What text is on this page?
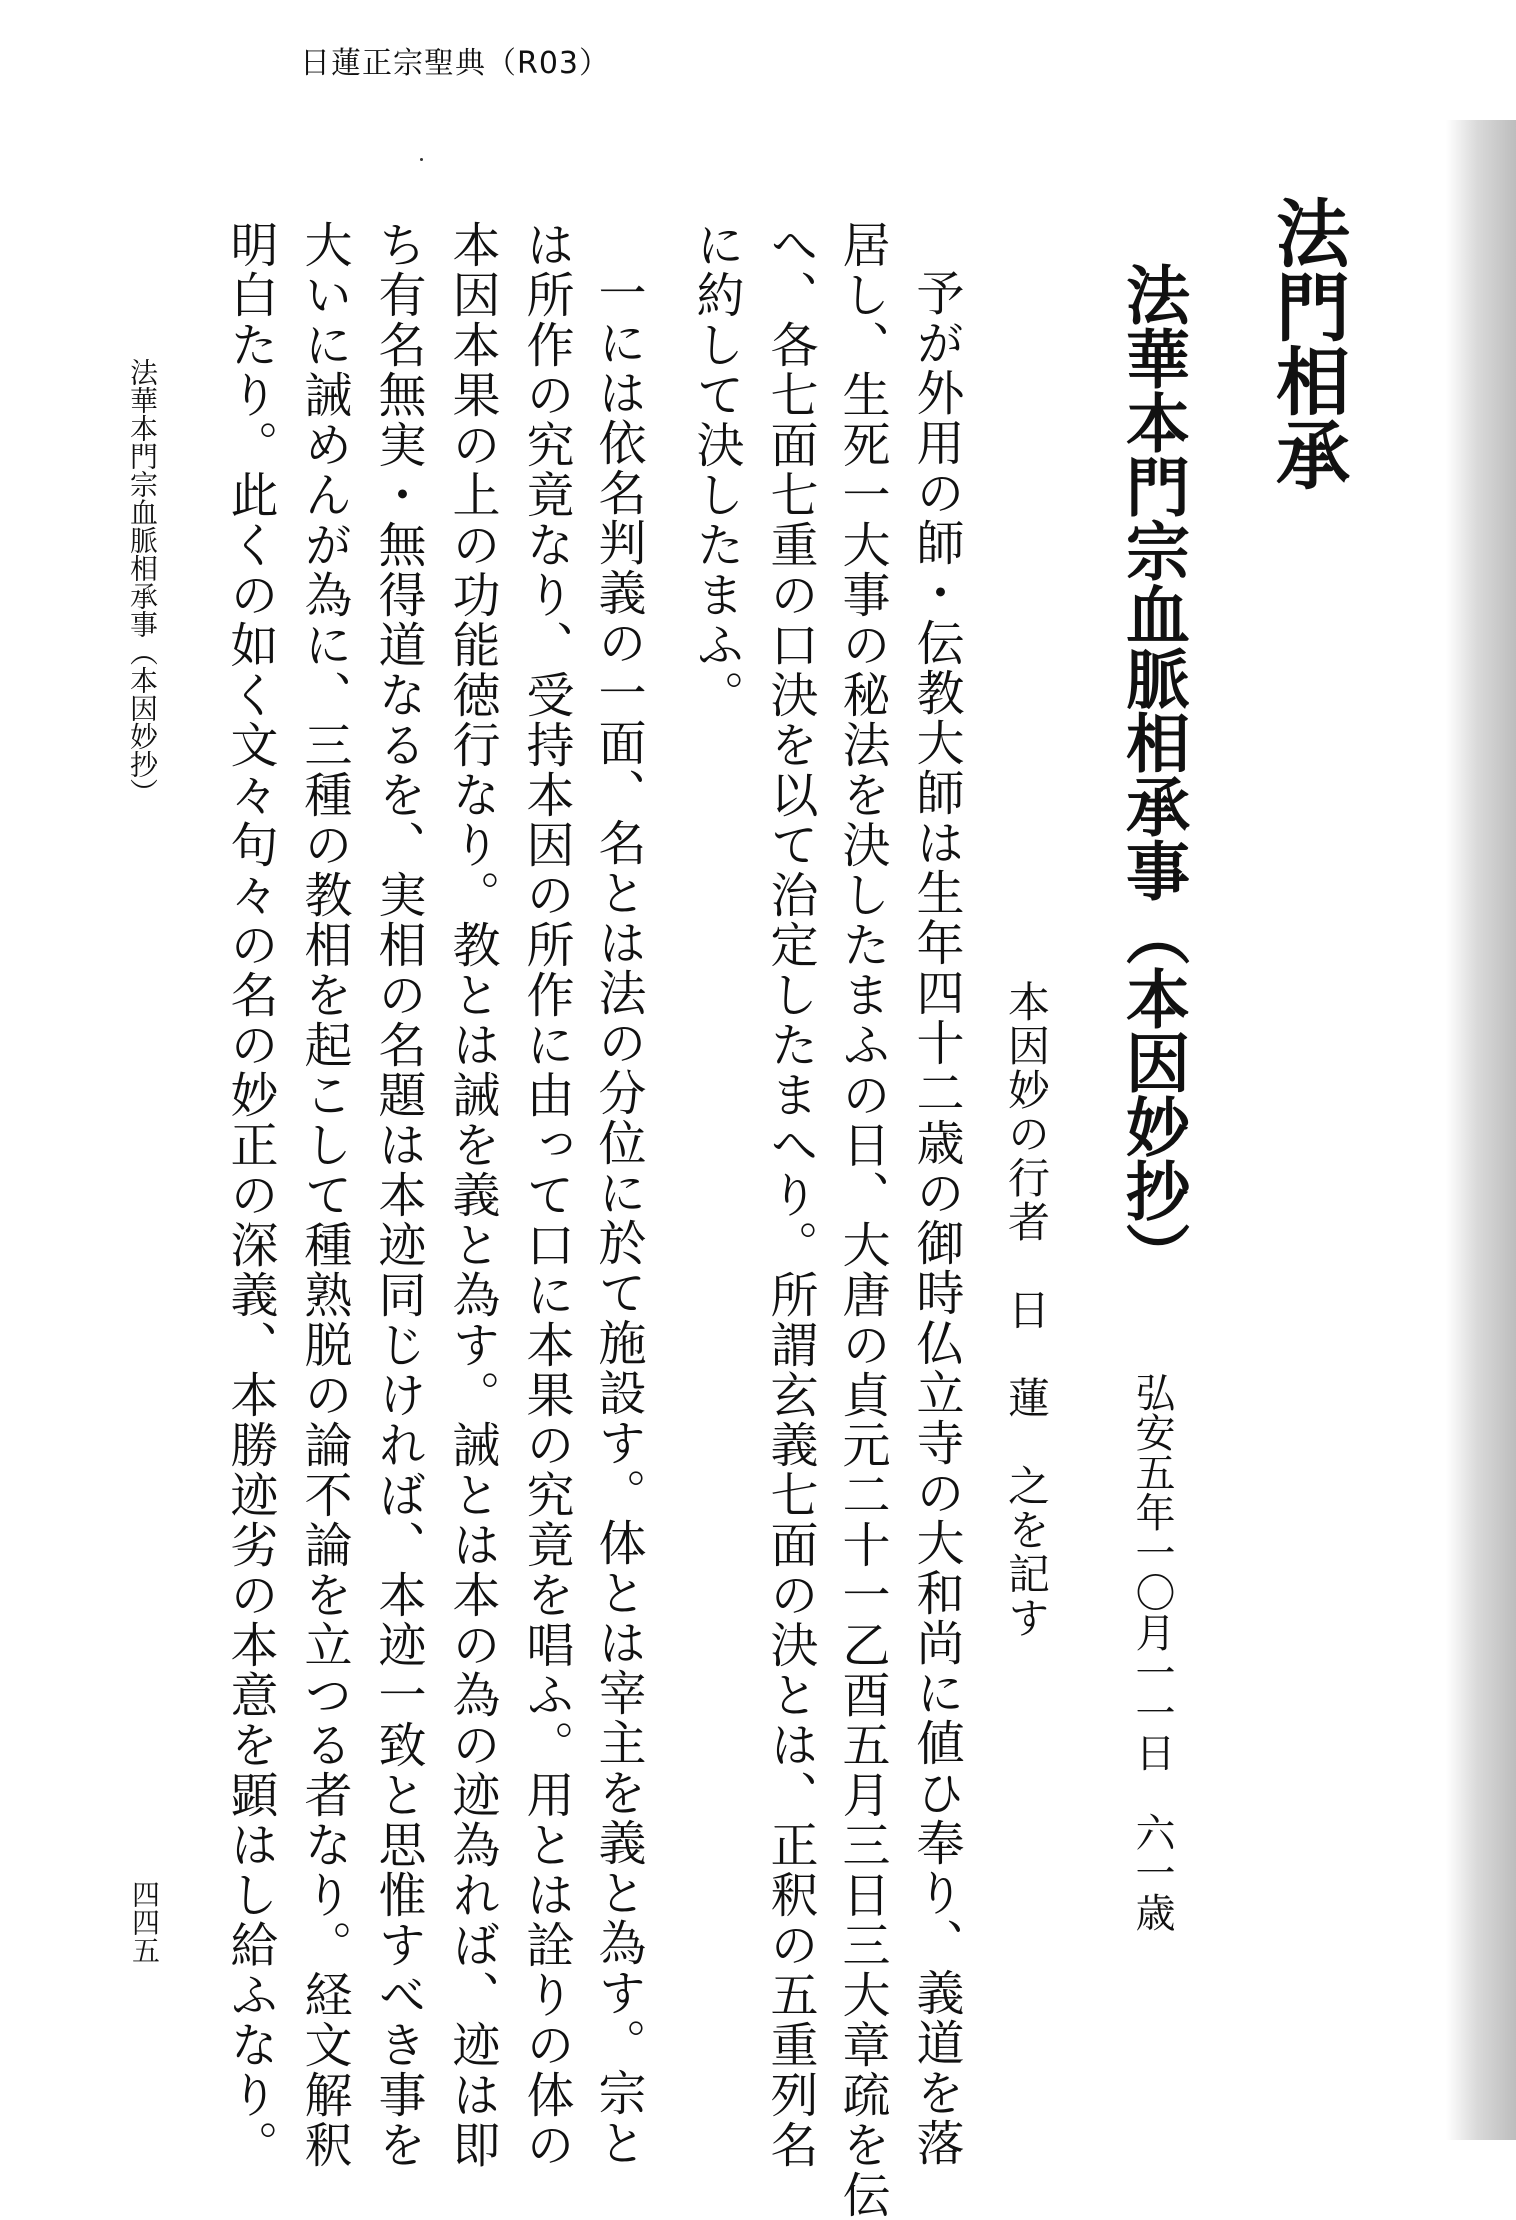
日蓮正宗聖典（R03）
法門相承
法華本門宗血脈相承事（本因妙抄）
弘安五年一〇月一一日　六一歳
本因妙の行者　日　蓮　之を記す
予が外用の師・伝教大師は生年四十二歳の御時仏立寺の大和尚に値ひ奉り、義道を落
居し、生死一大事の秘法を決したまふの日、大唐の貞元二十一乙酉五月三日三大章疏を伝
へ、各七面七重の口決を以て治定したまへり。所謂玄義七面の決とは、正釈の五重列名
に約して決したまふ。
一には依名判義の一面、名とは法の分位に於て施設す。体とは宰主を義と為す。宗と
は所作の究竟なり、受持本因の所作に由って口に本果の究竟を唱ふ。用とは詮りの体の
本因本果の上の功能徳行なり。教とは誡を義と為す。誡とは本の為の迹為れば、迹は即
ち有名無実・無得道なるを、実相の名題は本迹同じければ、本迹一致と思惟すべき事を
大いに誡めんが為に、三種の教相を起こして種熟脱の論不論を立つる者なり。経文解釈
明白たり。此くの如く文々句々の名の妙正の深義、本勝迹劣の本意を顕はし給ふなり。
法華本門宗血脈相承事（本因妙抄）
四四五
